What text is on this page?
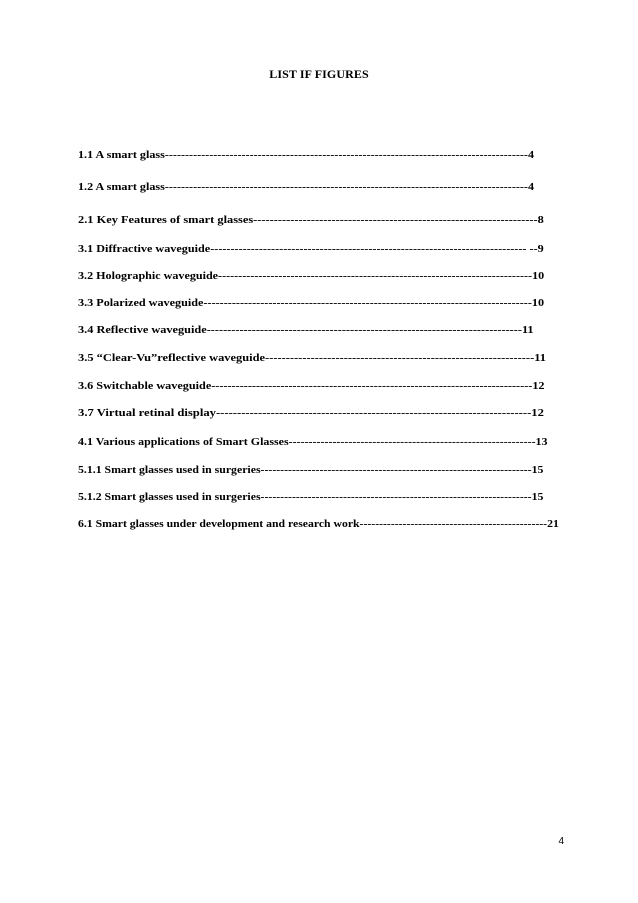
LIST IF FIGURES
1.1 A smart glass------------------------------------------------------------------------------------------4
1.2 A smart glass------------------------------------------------------------------------------------------4
2.1 Key Features of smart glasses---------------------------------------------------------------------8
3.1 Diffractive waveguide------------------------------------------------------------------------------ --9
3.2 Holographic waveguide------------------------------------------------------------------------------10
3.3 Polarized waveguide---------------------------------------------------------------------------------10
3.4 Reflective waveguide-----------------------------------------------------------------------------11
3.5 “Clear-Vu”reflective waveguide-----------------------------------------------------------------11
3.6 Switchable waveguide-------------------------------------------------------------------------------12
3.7 Virtual retinal display---------------------------------------------------------------------------12
4.1 Various applications of Smart Glasses--------------------------------------------------------------13
5.1.1 Smart glasses used in surgeries---------------------------------------------------------------------15
5.1.2 Smart glasses used in surgeries---------------------------------------------------------------------15
6.1 Smart glasses under development and research work------------------------------------------------21
4
